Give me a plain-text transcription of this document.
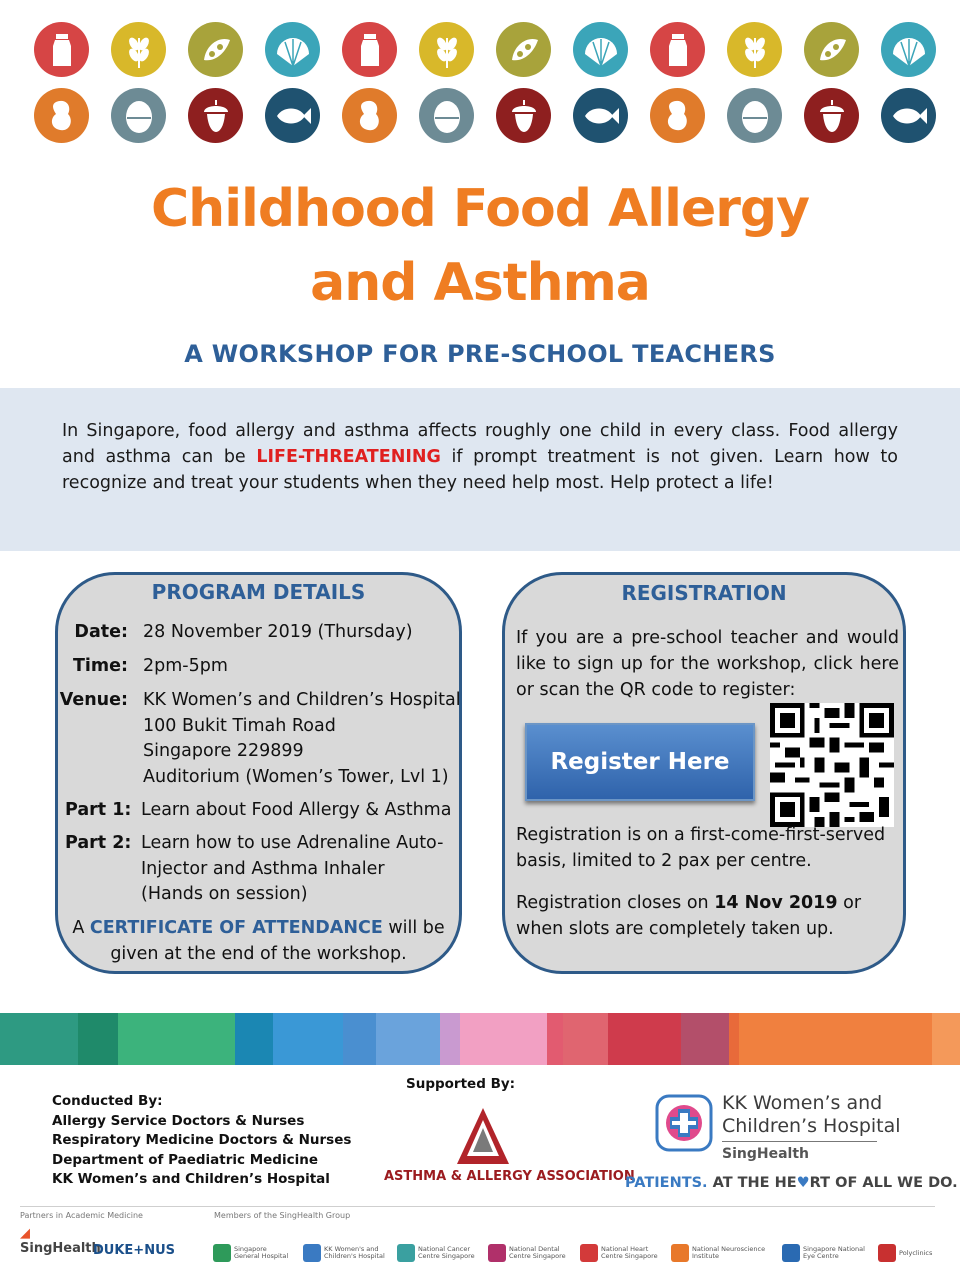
Childhood Food Allergy
and Asthma
A WORKSHOP FOR PRE-SCHOOL TEACHERS
In Singapore, food allergy and asthma affects roughly one child in every class. Food allergy and asthma can be LIFE-THREATENING if prompt treatment is not given. Learn how to recognize and treat your students when they need help most. Help protect a life!
PROGRAM DETAILS
Date: 28 November 2019 (Thursday)
Time: 2pm-5pm
Venue: KK Women’s and Children’s Hospital
100 Bukit Timah Road
Singapore 229899
Auditorium (Women’s Tower, Lvl 1)
Part 1: Learn about Food Allergy & Asthma
Part 2: Learn how to use Adrenaline Auto-
Injector and Asthma Inhaler
(Hands on session)
A CERTIFICATE OF ATTENDANCE will be
given at the end of the workshop.
REGISTRATION
If you are a pre-school teacher and would like to sign up for the workshop, click here or scan the QR code to register:
Register Here
Registration is on a first-come-first-served basis, limited to 2 pax per centre.
Registration closes on 14 Nov 2019 or when slots are completely taken up.
Conducted By:
Allergy Service Doctors & Nurses
Respiratory Medicine Doctors & Nurses
Department of Paediatric Medicine
KK Women’s and Children’s Hospital
Supported By:
ASTHMA & ALLERGY ASSOCIATION
KK Women’s and
Children’s Hospital
SingHealth
PATIENTS. AT THE HE♥RT OF ALL WE DO.
Partners in Academic Medicine	Members of the SingHealth Group
◢
SingHealth
DUKE+NUS	Singapore General Hospital
KK Women's and Children's Hospital
National Cancer Centre Singapore
National Dental Centre Singapore
National Heart Centre Singapore
National Neuroscience Institute
Singapore National Eye Centre	Polyclinics
